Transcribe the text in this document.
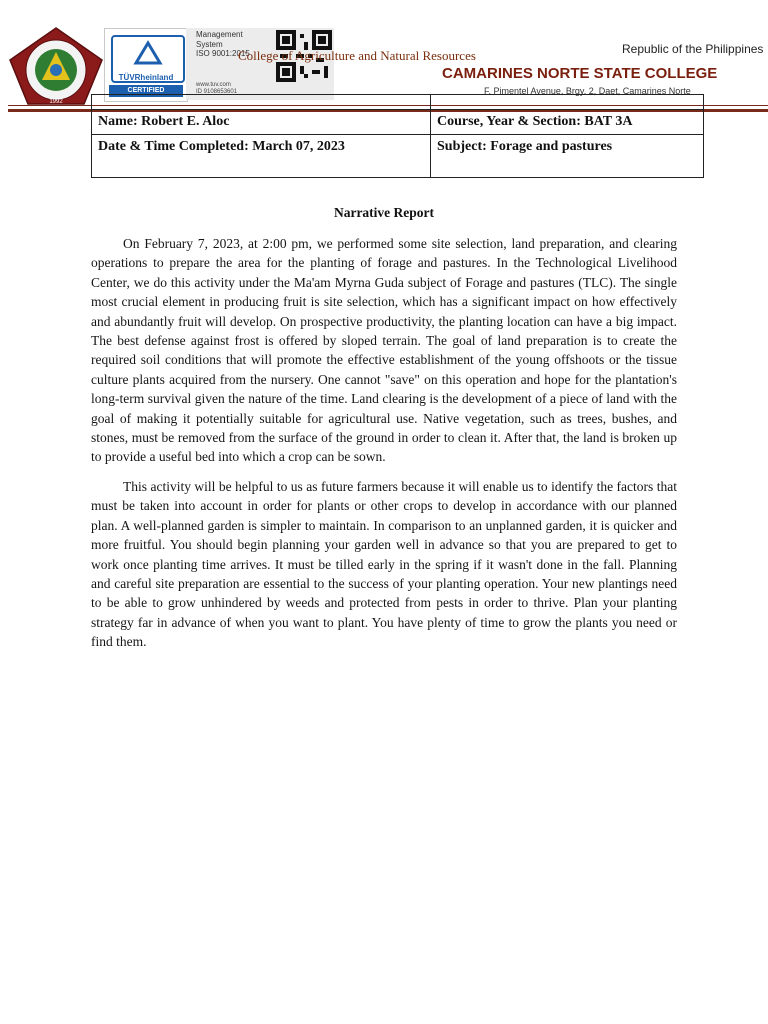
1992
TÜVRheinland
CERTIFIED
Management
System
ISO 9001:2015
www.tuv.com
ID 9108653601
College of Agriculture and Natural Resources	Republic of the Philippines
CAMARINES NORTE STATE COLLEGE
F. Pimentel Avenue, Brgy. 2, Daet, Camarines Norte

Name: Robert E. Aloc	Course, Year & Section: BAT 3A
Date & Time Completed: March 07, 2023	Subject: Forage and pastures
Narrative Report

On February 7, 2023, at 2:00 pm, we performed some site selection, land preparation, and clearing operations to prepare the area for the planting of forage and pastures. In the Technological Livelihood Center, we do this activity under the Ma'am Myrna Guda subject of Forage and pastures (TLC). The single most crucial element in producing fruit is site selection, which has a significant impact on how effectively and abundantly fruit will develop. On prospective productivity, the planting location can have a big impact. The best defense against frost is offered by sloped terrain. The goal of land preparation is to create the required soil conditions that will promote the effective establishment of the young offshoots or the tissue culture plants acquired from the nursery. One cannot "save" on this operation and hope for the plantation's long-term survival given the nature of the time. Land clearing is the development of a piece of land with the goal of making it potentially suitable for agricultural use. Native vegetation, such as trees, bushes, and stones, must be removed from the surface of the ground in order to clean it. After that, the land is broken up to provide a useful bed into which a crop can be sown.

This activity will be helpful to us as future farmers because it will enable us to identify the factors that must be taken into account in order for plants or other crops to develop in accordance with our planned plan. A well-planned garden is simpler to maintain. In comparison to an unplanned garden, it is quicker and more fruitful. You should begin planning your garden well in advance so that you are prepared to get to work once planting time arrives. It must be tilled early in the spring if it wasn't done in the fall. Planning and careful site preparation are essential to the success of your planting operation. Your new plantings need to be able to grow unhindered by weeds and protected from pests in order to thrive. Plan your planting strategy far in advance of when you want to plant. You have plenty of time to grow the plants you need or find them.
